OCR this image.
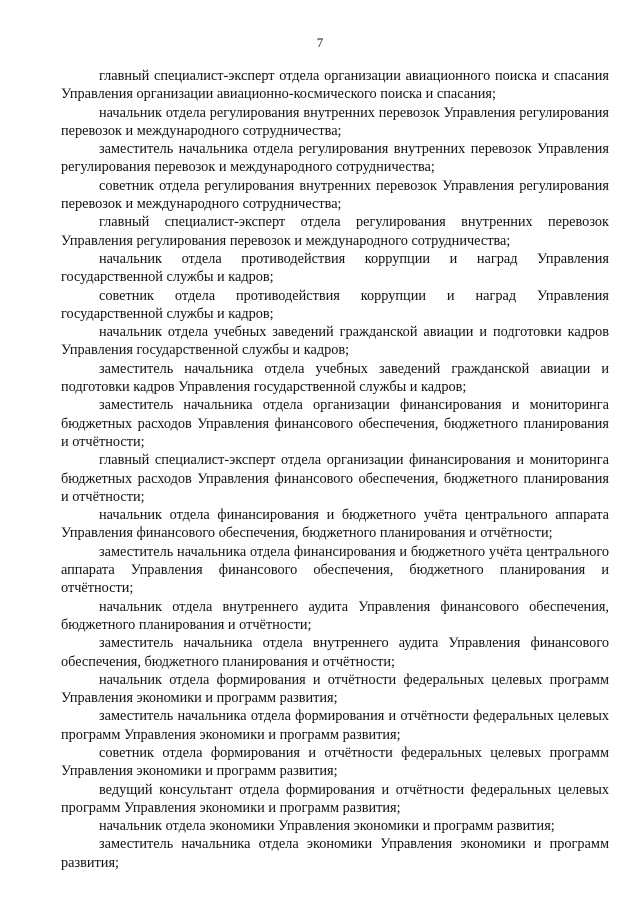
7

главный специалист-эксперт отдела организации авиационного поиска и спасания Управления организации авиационно-космического поиска и спасания;

начальник отдела регулирования внутренних перевозок Управления регулирования перевозок и международного сотрудничества;

заместитель начальника отдела регулирования внутренних перевозок Управления регулирования перевозок и международного сотрудничества;

советник отдела регулирования внутренних перевозок Управления регулирования перевозок и международного сотрудничества;

главный специалист-эксперт отдела регулирования внутренних перевозок Управления регулирования перевозок и международного сотрудничества;

начальник отдела противодействия коррупции и наград Управления государственной службы и кадров;

советник отдела противодействия коррупции и наград Управления государственной службы и кадров;

начальник отдела учебных заведений гражданской авиации и подготовки кадров Управления государственной службы и кадров;

заместитель начальника отдела учебных заведений гражданской авиации и подготовки кадров Управления государственной службы и кадров;

заместитель начальника отдела организации финансирования и мониторинга бюджетных расходов Управления финансового обеспечения, бюджетного планирования и отчётности;

главный специалист-эксперт отдела организации финансирования и мониторинга бюджетных расходов Управления финансового обеспечения, бюджетного планирования и отчётности;

начальник отдела финансирования и бюджетного учёта центрального аппарата Управления финансового обеспечения, бюджетного планирования и отчётности;

заместитель начальника отдела финансирования и бюджетного учёта центрального аппарата Управления финансового обеспечения, бюджетного планирования и отчётности;

начальник отдела внутреннего аудита Управления финансового обеспечения, бюджетного планирования и отчётности;

заместитель начальника отдела внутреннего аудита Управления финансового обеспечения, бюджетного планирования и отчётности;

начальник отдела формирования и отчётности федеральных целевых программ Управления экономики и программ развития;

заместитель начальника отдела формирования и отчётности федеральных целевых программ Управления экономики и программ развития;

советник отдела формирования и отчётности федеральных целевых программ Управления экономики и программ развития;

ведущий консультант отдела формирования и отчётности федеральных целевых программ Управления экономики и программ развития;

начальник отдела экономики Управления экономики и программ развития;

заместитель начальника отдела экономики Управления экономики и программ развития;
